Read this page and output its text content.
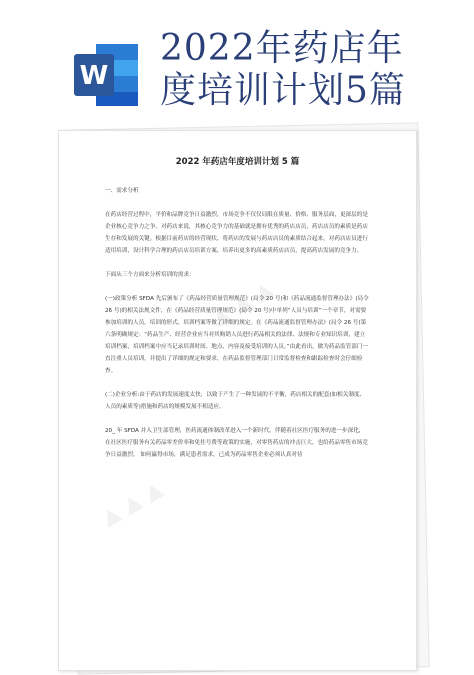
W
2022年药店年
度培训计划5篇
▲ ▲ ▲
▲ ▲ ▲
2022 年药店年度培训计划 5 篇

一、需求分析

在药店经营过程中，平价和品牌竞争日益激烈，市场竞争不仅仅局限在质量、价格、服务层面，更深层的是企业核心竞争力之争。对药店来说，其核心竞争力的基础就是拥有优秀的药店店员，药店店员的素质是药店生存和发展的关键。根据目前药店的经营现状，将药店的发展与药店店员的素质结合起来，对药店店员进行适用培训，设计科学合理的药店店员培训方案，培养出更多的高素质药店店员，提高药店发展的竞争力。

下面从三个方面来分析培训的需求：

(一)政策分析 SFDA 先后颁布了《药品经营质量管理规范》(局令 20 号)和《药品流通监督管理办法》(局令 26 号)的相关法规文件，在《药品经营质量管理规范》(局令 20 号)中单列“人员与培训”一个章节，对需要参加培训的人员，培训的形式、培训档案等做了详细的规定。在《药品流通监督管理办法》(局令 26 号)第六条明确规定：“药品生产、经营企业应当对其购销人员进行药品相关的法律、法规和专业知识培训，建立培训档案，培训档案中应当记录培训时间、地点、内容及接受培训的人员。”由此看出，做为药品监管部门一直注重人员培训，并提出了详细的规定和要求，在药品监督管理部门日常监督检查和跟踪检查时会仔细检查。

(二)企业分析:由于药店的发展速度太快，以致于产生了一种发展的不平衡，药店相关的配套(如相关制度、人员的素质等)措施和药店的规模发展不相适应。

20_ 年 SFDA 并入卫生部管理，医药流通体制改革进入一个新时代。伴随着社区医疗服务的进一步深化，在社区医疗服务有关药品零差价率和免挂号费等政策的实施，对零售药店的冲击巨大，也给药品零售市场竞争日益激烈。 如何赢得市场，满足患者需求，已成为药品零售企业必须认真对待
